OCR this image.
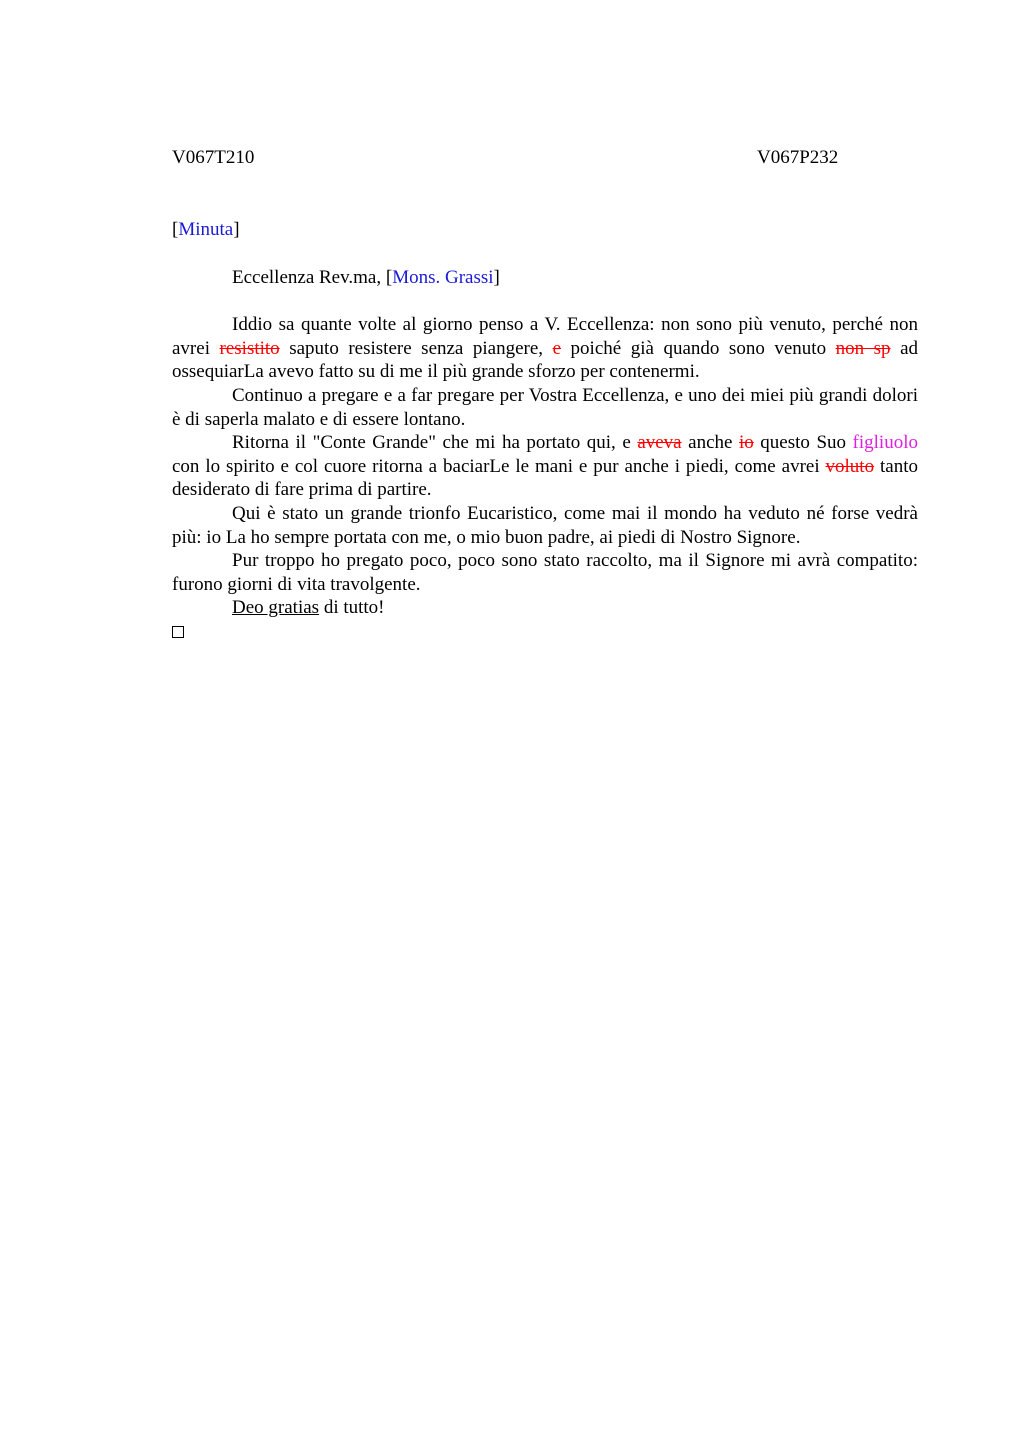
V067T210	V067P232

[Minuta]

Eccellenza Rev.ma, [Mons. Grassi]

Iddio sa quante volte al giorno penso a V. Eccellenza: non sono più venuto, perché non avrei resistito saputo resistere senza piangere, e poiché già quando sono venuto non sp ad ossequiarLa avevo fatto su di me il più grande sforzo per contenermi.

Continuo a pregare e a far pregare per Vostra Eccellenza, e uno dei miei più grandi dolori è di saperla malato e di essere lontano.

Ritorna il "Conte Grande" che mi ha portato qui, e aveva anche io questo Suo figliuolo con lo spirito e col cuore ritorna a baciarLe le mani e pur anche i piedi, come avrei voluto tanto desiderato di fare prima di partire.

Qui è stato un grande trionfo Eucaristico, come mai il mondo ha veduto né forse vedrà più: io La ho sempre portata con me, o mio buon padre, ai piedi di Nostro Signore.

Pur troppo ho pregato poco, poco sono stato raccolto, ma il Signore mi avrà compatito: furono giorni di vita travolgente.

Deo gratias di tutto!
